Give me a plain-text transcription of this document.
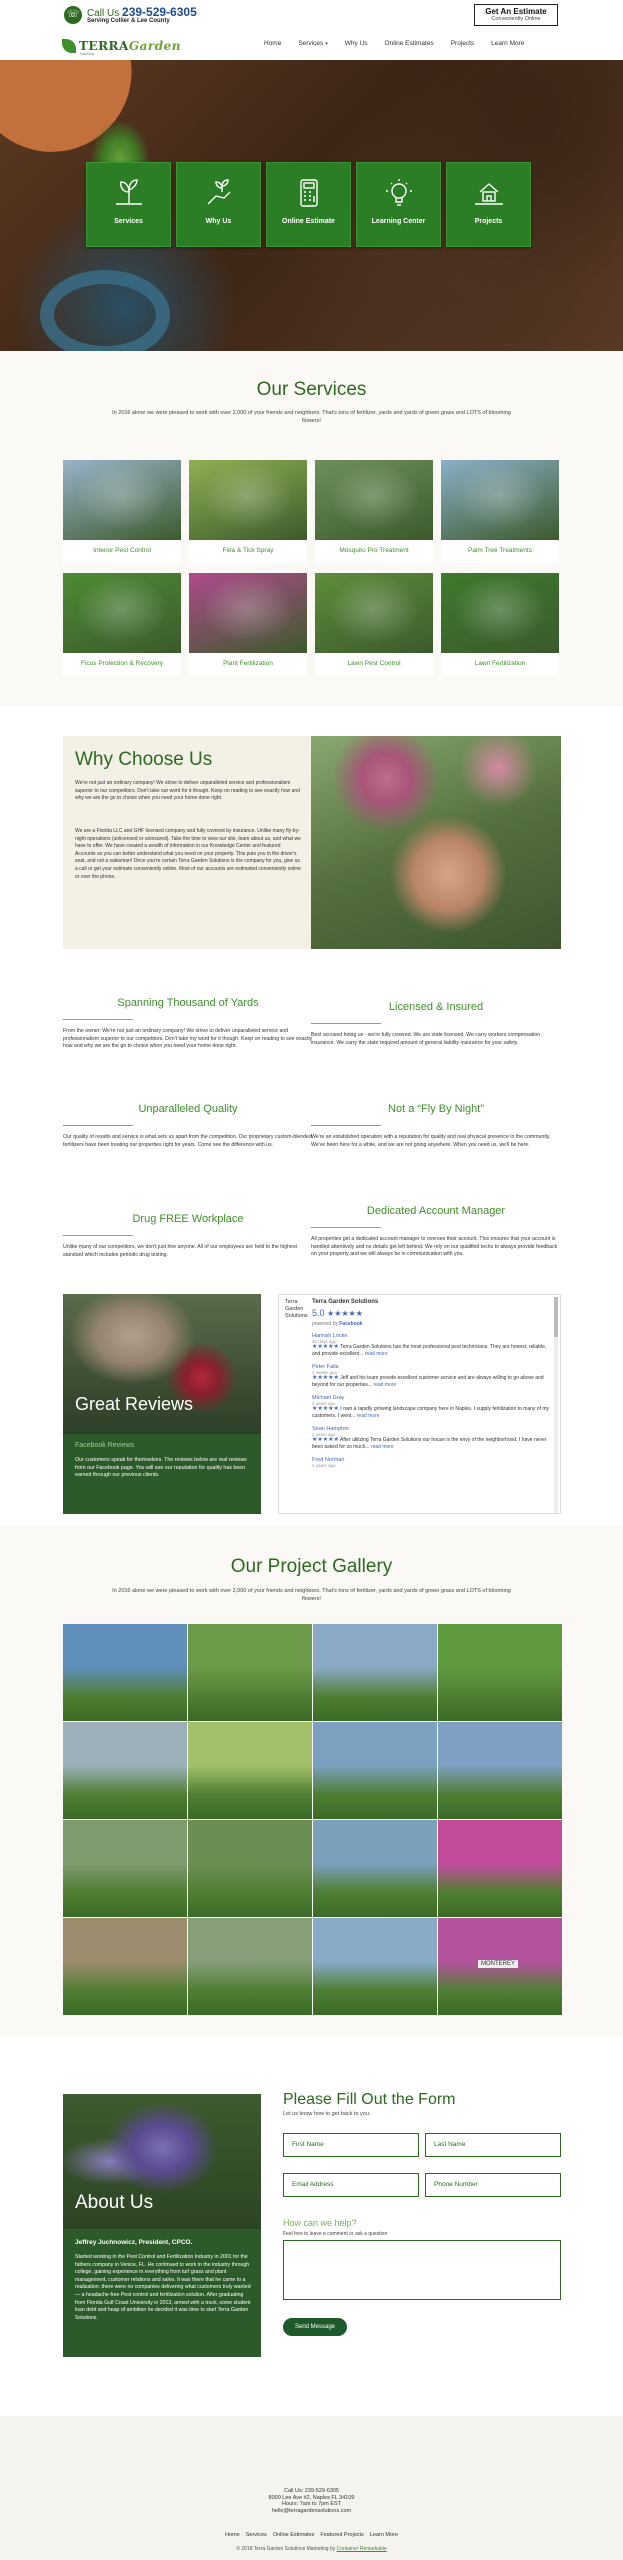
☏ Call Us 239-529-6305
Serving Collier & Lee County
Get An Estimate
Conveniently Online
TERRAGarden
Solutions
Home	Services ▾	Why Us	Online Estimates	Projects	Learn More
Services	Why Us	Online Estimate	Learning Center	Projects
Our Services
In 2016 alone we were pleased to work with over 2,000 of your friends and neighbors. That's tons of fertilizer, yards and yards of green grass and LOTS of blooming flowers!
Interior Pest Control	Flea & Tick Spray	Mosquito Pro Treatment	Palm Tree Treatments
Ficus Protection & Recovery	Plant Fertilization	Lawn Pest Control	Lawn Fertilization
Why Choose Us
We're not just an ordinary company! We strive to deliver unparalleled service and professionalism superior to our competitors. Don't take our word for it though. Keep on reading to see exactly how and why we are the go to choice when you need your home done right.
We are a Florida LLC and GHF licensed company and fully covered by insurance. Unlike many fly-by-night operations (unlicensed or uninsured). Take the time to view our site, learn about us, and what we have to offer. We have created a wealth of information in our Knowledge Center and featured Accounts so you can better understand what you need on your property. This puts you in the driver's seat, and not a salesman! Once you're certain Terra Garden Solutions is the company for you, give us a call or get your estimate conveniently online. Most of our accounts are estimated conveniently online or over the phone.
Spanning Thousand of Yards
From the owner: We're not just an ordinary company! We strive to deliver unparalleled service and professionalism superior to our competitors. Don't take my word for it though. Keep on reading to see exactly how and why we are the go to choice when you need your home done right.
Licensed & Insured
Best accused hiring us - we're fully covered. We are state licensed. We carry workers compensation insurance. We carry the state required amount of general liability insurance for your safety.
Unparalleled Quality
Our quality of results and service is what sets us apart from the competition. Our proprietary custom-blended fertilizers have been treating our properties right for years. Come see the difference with us.
Not a “Fly By Night”
We're an established operation with a reputation for quality and real physical presence in the community. We've been here for a while, and we are not going anywhere. When you need us, we'll be here.
Drug FREE Workplace
Unlike many of our competitors, we don't just hire anyone. All of our employees are held to the highest standard which includes periodic drug testing.
Dedicated Account Manager
All properties get a dedicated account manager to oversee their account. This ensures that your account is handled attentively and no details get left behind. We rely on our qualified techs to always provide feedback on your property and we will always be in communication with you.
Great Reviews
Facebook Reviews
Our customers speak for themselves. The reviews below are real reviews from our Facebook page. You will see our reputation for quality has been earned through our previous clients.
Terra Garden Solutions
Terra Garden Solutions
5.0 ★★★★★
powered by Facebook
Hannah Locke
28 days ago
★★★★★ Terra Garden Solutions has the most professional pest technicians. They are honest, reliable, and provide excellent... read more
Peter Falla
2 weeks ago
★★★★★ Jeff and his team provide excellent customer service and are always willing to go above and beyond for our properties... read more
Michael Gray
2 years ago
★★★★★ I own a rapidly growing landscape company here in Naples. I supply fertilization to many of my customers. I went... read more
Sean Hampton
2 years ago
★★★★★ After utilizing Terra Garden Solutions our house is the envy of the neighborhood. I have never been asked for so much... read more
Fred Norman
2 years ago
Our Project Gallery
In 2016 alone we were pleased to work with over 2,000 of your friends and neighbors. That's tons of fertilizer, yards and yards of green grass and LOTS of blooming flowers!
MONTEREY
About Us
Jeffrey Juchnowicz, President, CPCO.
Started working in the Pest Control and Fertilization Industry in 2001 for the fathers company in Venice, FL. He continued to work in the industry through college, gaining experience in everything from turf grass and plant management, customer relations and sales. It was there that he came to a realization: there were no companies delivering what customers truly wanted — a headache-free Pest control and fertilization solution. After graduating from Florida Gulf Coast University in 2013, armed with a truck, some student loan debt and heap of ambition he decided it was time to start Terra Garden Solutions.
Please Fill Out the Form
Let us know how to get back to you.
First Name	Last Name
Email Address	Phone Number
How can we help?
Feel free to leave a comment or ask a question
Send Message
Call Us: 239-529-6305
8000 Lee Ave #2, Naples FL 34109
Hours: 7am to 7pm EST
hello@terragardensolutions.com
Home Services Online Estimates Featured Projects Learn More
© 2018 Terra Garden Solutions Marketing by Container Remarkable
